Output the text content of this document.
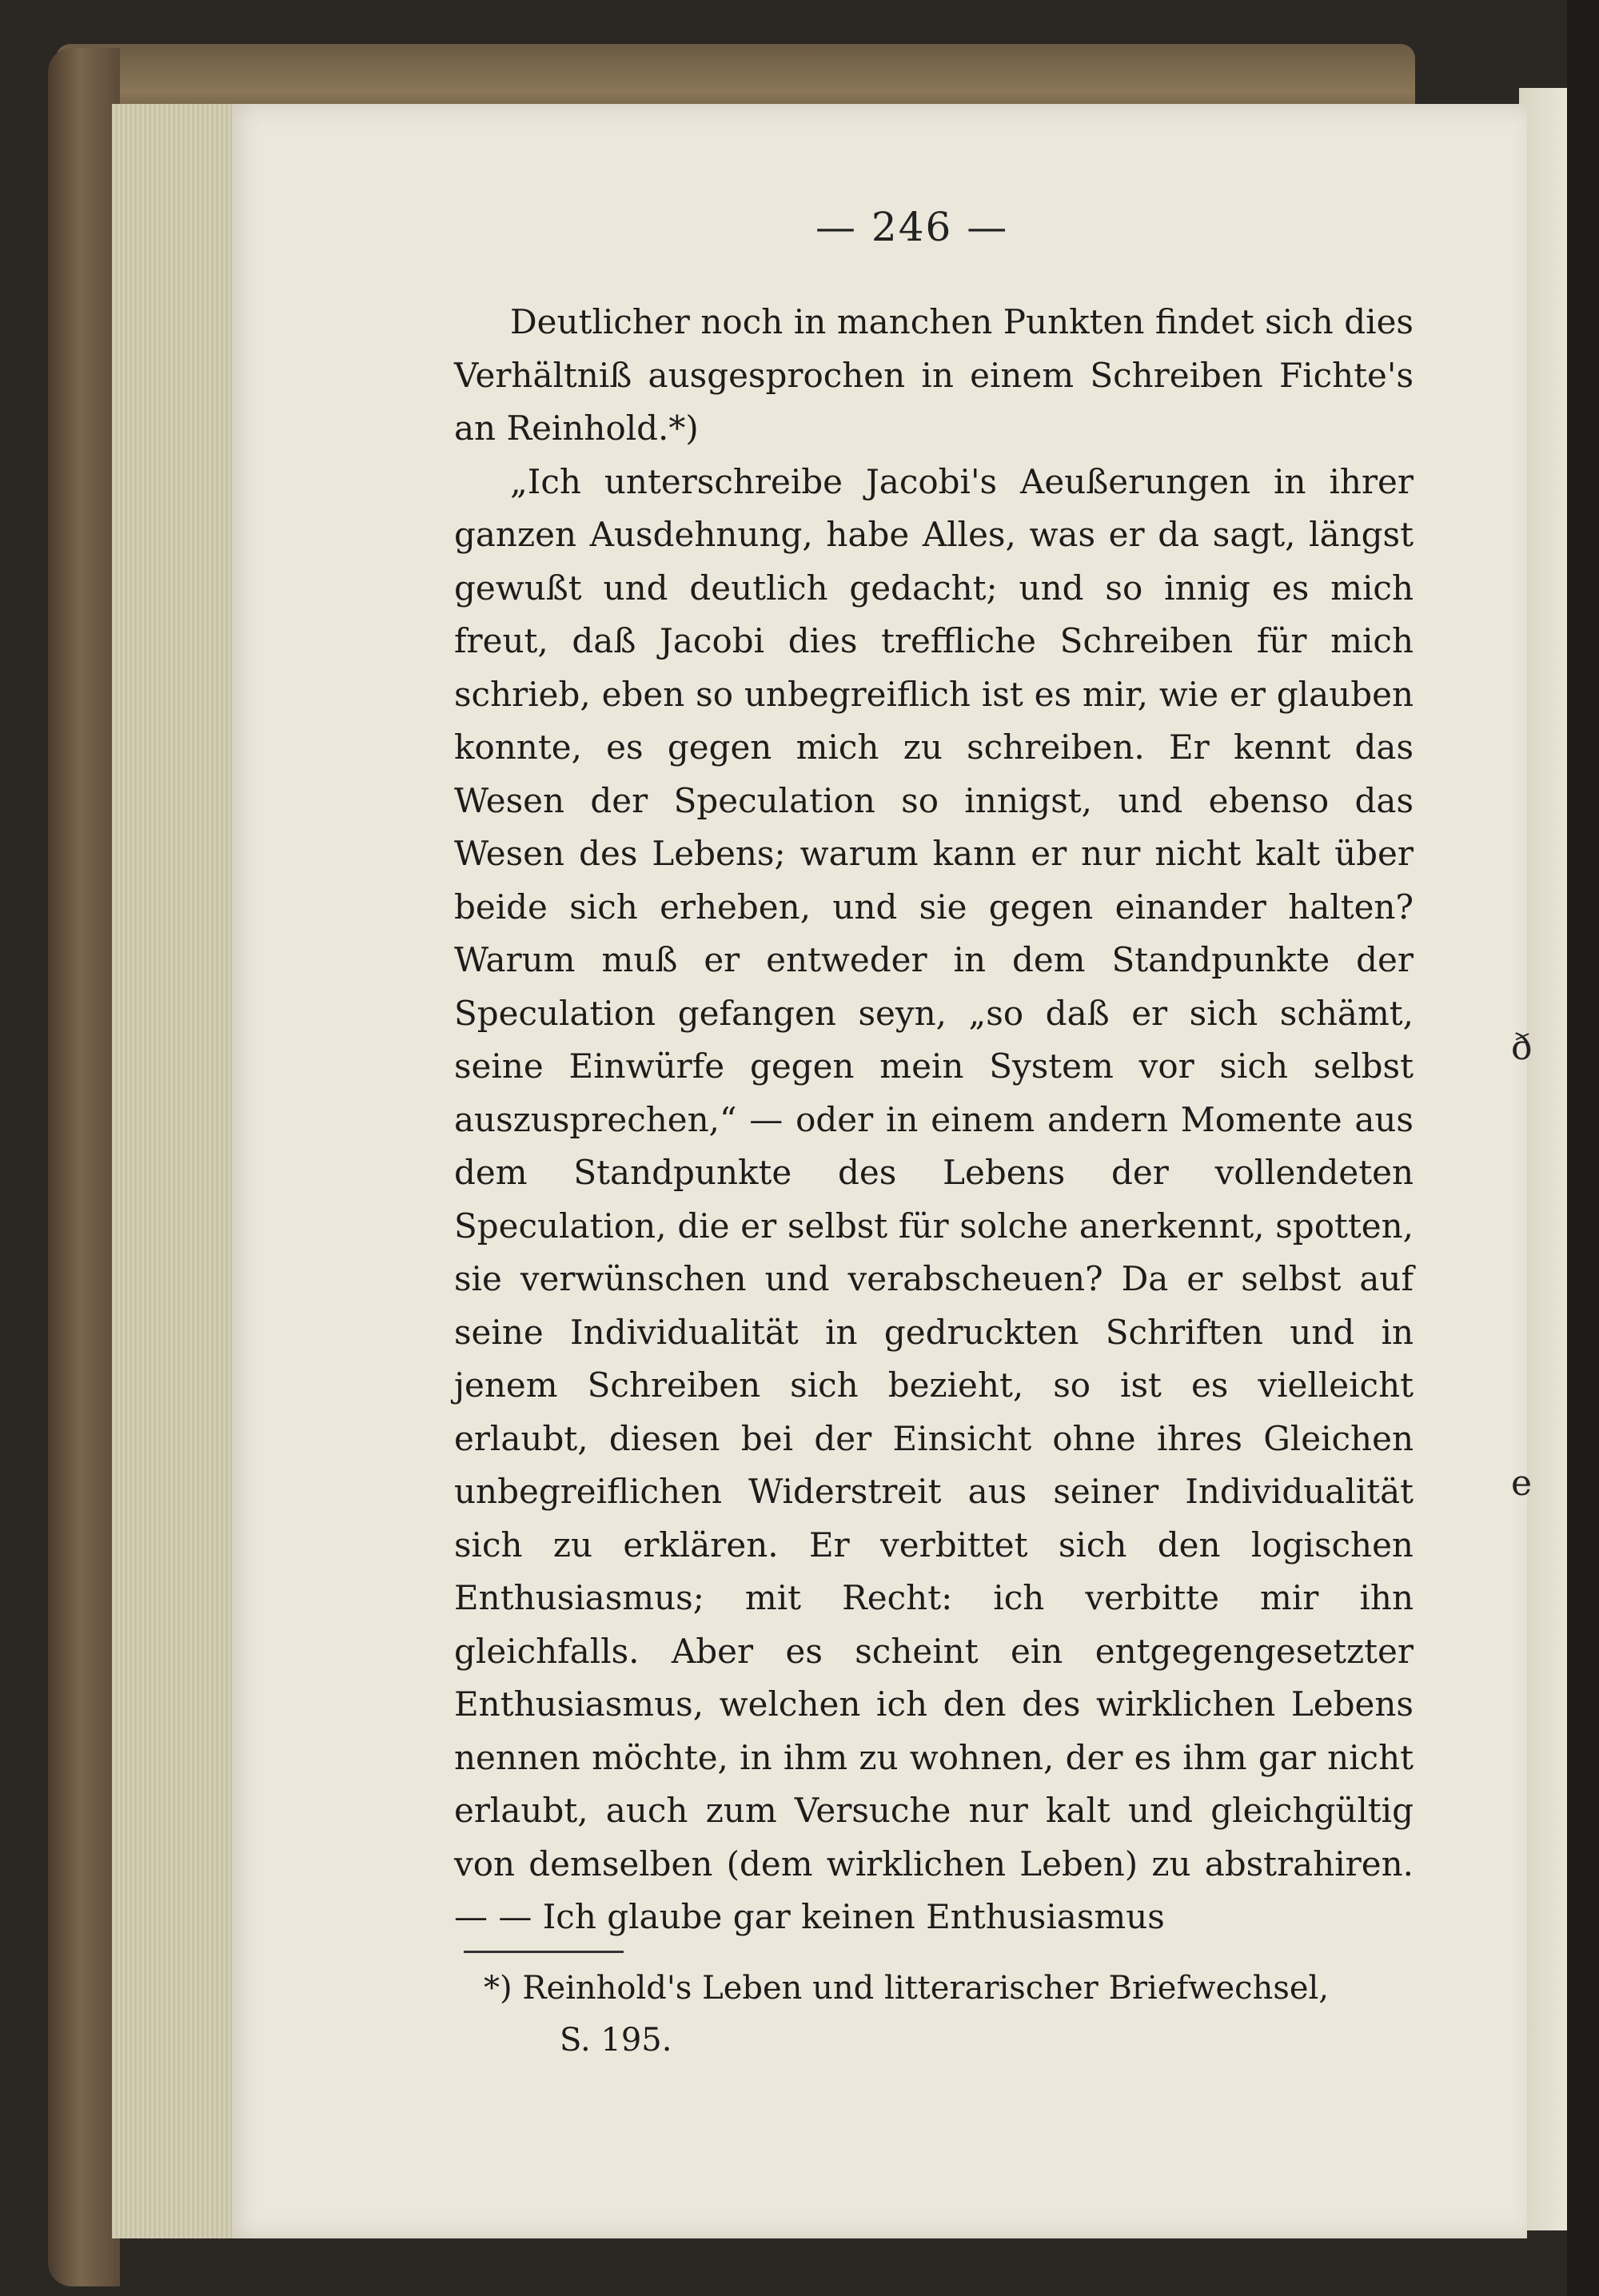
— 246 —

Deutlicher noch in manchen Punkten findet sich dies Verhältniß ausgesprochen in einem Schreiben Fichte's an Reinhold.*)

„Ich unterschreibe Jacobi's Aeußerungen in ihrer ganzen Ausdehnung, habe Alles, was er da sagt, längst gewußt und deutlich gedacht; und so innig es mich freut, daß Jacobi dies treffliche Schreiben für mich schrieb, eben so unbegreiflich ist es mir, wie er glauben konnte, es gegen mich zu schreiben. Er kennt das Wesen der Speculation so innigst, und ebenso das Wesen des Lebens; warum kann er nur nicht kalt über beide sich erheben, und sie gegen einander halten? Warum muß er entweder in dem Standpunkte der Speculation gefangen seyn, „so daß er sich schämt, seine Einwürfe gegen mein System vor sich selbst auszusprechen,“ — oder in einem andern Momente aus dem Standpunkte des Lebens der vollendeten Speculation, die er selbst für solche anerkennt, spotten, sie verwünschen und verabscheuen? Da er selbst auf seine Individualität in gedruckten Schriften und in jenem Schreiben sich bezieht, so ist es vielleicht erlaubt, diesen bei der Einsicht ohne ihres Gleichen unbegreiflichen Widerstreit aus seiner Individualität sich zu erklären. Er verbittet sich den logischen Enthusiasmus; mit Recht: ich verbitte mir ihn gleichfalls. Aber es scheint ein entgegengesetzter Enthusiasmus, welchen ich den des wirklichen Lebens nennen möchte, in ihm zu wohnen, der es ihm gar nicht erlaubt, auch zum Versuche nur kalt und gleichgültig von demselben (dem wirklichen Leben) zu abstrahiren. — — Ich glaube gar keinen Enthusiasmus

*) Reinhold's Leben und litterarischer Briefwechsel,
S. 195.
ð
e
